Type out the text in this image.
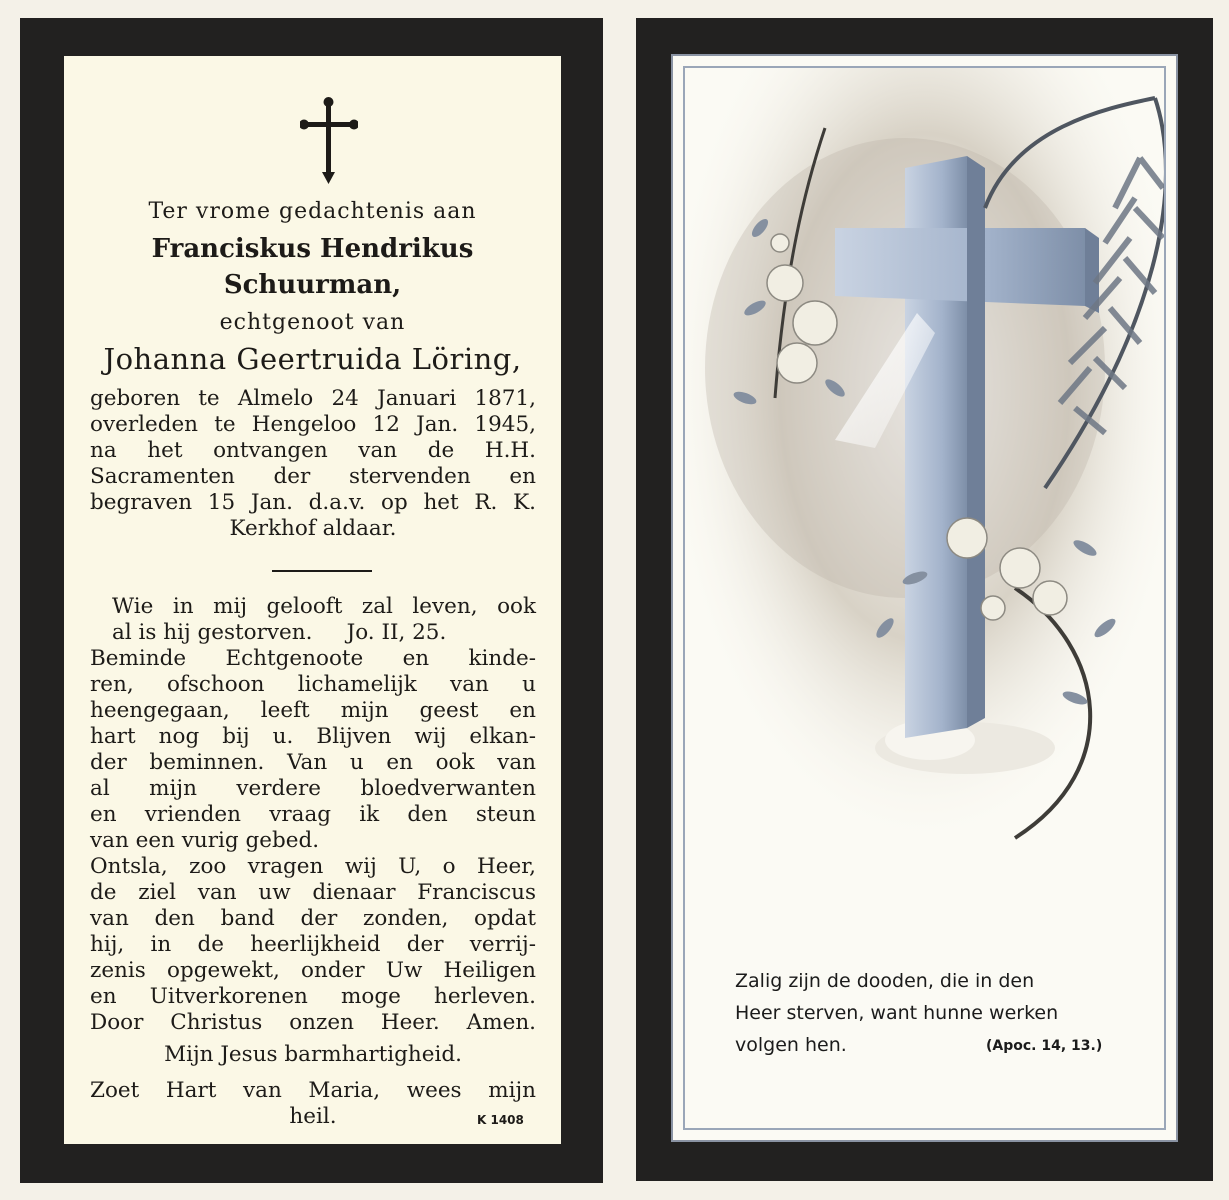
Ter vrome gedachtenis aan
Franciskus Hendrikus
Schuurman,
echtgenoot van
Johanna Geertruida Löring,
geboren te Almelo 24 Januari 1871,
overleden te Hengeloo 12 Jan. 1945,
na het ontvangen van de H.H.
Sacramenten der stervenden en
begraven 15 Jan. d.a.v. op het R. K.
Kerkhof aldaar.
Wie in mij gelooft zal leven, ook
al is hij gestorven.     Jo. II, 25.
Beminde Echtgenoote en kinde-
ren, ofschoon lichamelijk van u
heengegaan, leeft mijn geest en
hart nog bij u. Blijven wij elkan-
der beminnen. Van u en ook van
al mijn verdere bloedverwanten
en vrienden vraag ik den steun
van een vurig gebed.
Ontsla, zoo vragen wij U, o Heer,
de ziel van uw dienaar Franciscus
van den band der zonden, opdat
hij, in de heerlijkheid der verrij-
zenis opgewekt, onder Uw Heiligen
en Uitverkorenen moge herleven.
Door Christus onzen Heer. Amen.
Mijn Jesus barmhartigheid.
Zoet Hart van Maria, wees mijn
heil.	K 1408
Zalig zijn de dooden, die in den
Heer sterven, want hunne werken
volgen hen.	(Apoc. 14, 13.)
